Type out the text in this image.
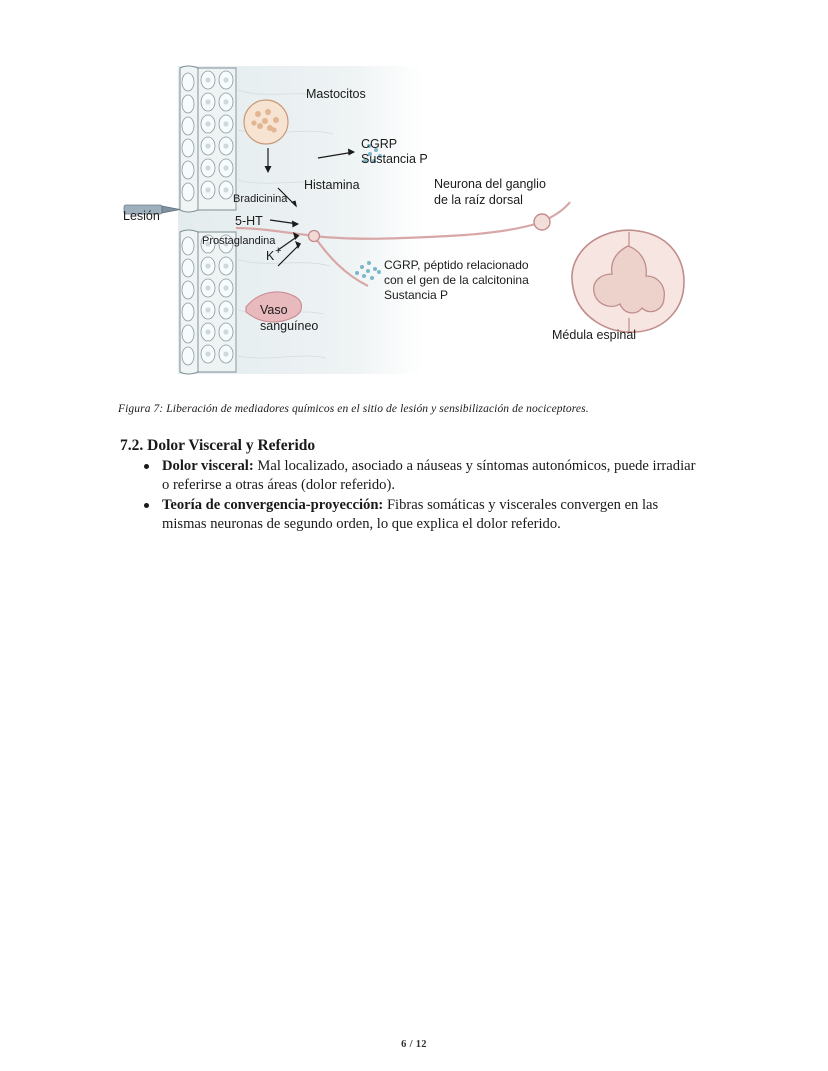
Mastocitos
CGRP
Sustancia P
Histamina
Bradicinina
Lesión	5-HT
Prostaglandina
K +
Neurona del ganglio
de la raíz dorsal
CGRP, péptido relacionado
con el gen de la calcitonina
Sustancia P
Vaso
sanguíneo
Médula espinal
Figura 7: Liberación de mediadores químicos en el sitio de lesión y sensibilización de nociceptores.
7.2. Dolor Visceral y Referido
Dolor visceral: Mal localizado, asociado a náuseas y síntomas autonómicos, puede irradiar o referirse a otras áreas (dolor referido).
Teoría de convergencia-proyección: Fibras somáticas y viscerales convergen en las mismas neuronas de segundo orden, lo que explica el dolor referido.
6 / 12
